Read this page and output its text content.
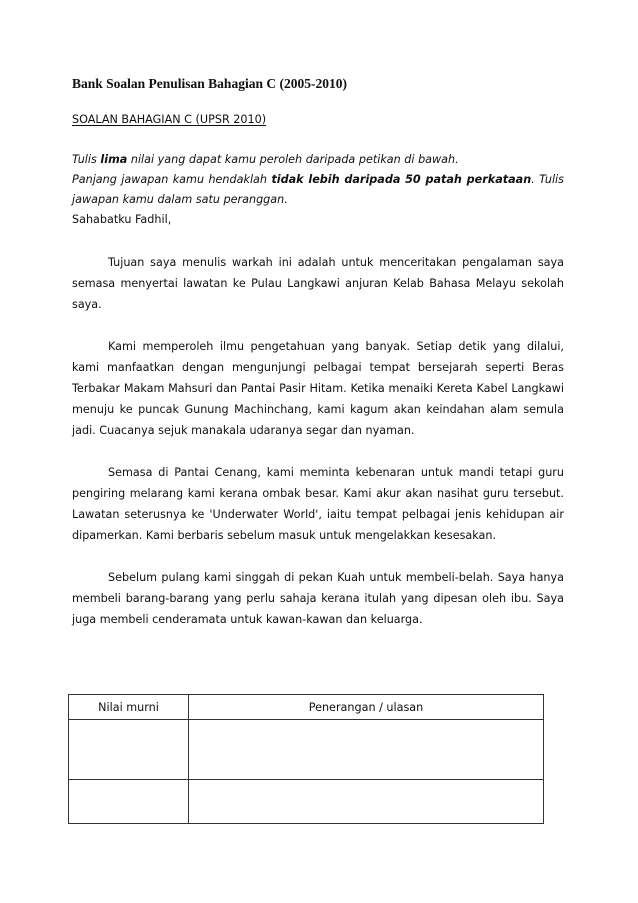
Bank Soalan Penulisan Bahagian C (2005-2010)
SOALAN BAHAGIAN C (UPSR 2010)
Tulis lima nilai yang dapat kamu peroleh daripada petikan di bawah.
Panjang jawapan kamu hendaklah tidak lebih daripada 50 patah perkataan. Tulis jawapan kamu dalam satu peranggan.
Sahabatku Fadhil,

Tujuan saya menulis warkah ini adalah untuk menceritakan pengalaman saya semasa menyertai lawatan ke Pulau Langkawi anjuran Kelab Bahasa Melayu sekolah saya.

Kami memperoleh ilmu pengetahuan yang banyak. Setiap detik yang dilalui, kami manfaatkan dengan mengunjungi pelbagai tempat bersejarah seperti Beras Terbakar Makam Mahsuri dan Pantai Pasir Hitam. Ketika menaiki Kereta Kabel Langkawi menuju ke puncak Gunung Machinchang, kami kagum akan keindahan alam semula jadi. Cuacanya sejuk manakala udaranya segar dan nyaman.

Semasa di Pantai Cenang, kami meminta kebenaran untuk mandi tetapi guru pengiring melarang kami kerana ombak besar. Kami akur akan nasihat guru tersebut. Lawatan seterusnya ke 'Underwater World', iaitu tempat pelbagai jenis kehidupan air dipamerkan. Kami berbaris sebelum masuk untuk mengelakkan kesesakan.

Sebelum pulang kami singgah di pekan Kuah untuk membeli-belah. Saya hanya membeli barang-barang yang perlu sahaja kerana itulah yang dipesan oleh ibu. Saya juga membeli cenderamata untuk kawan-kawan dan keluarga.

Nilai murni	Penerangan / ulasan
